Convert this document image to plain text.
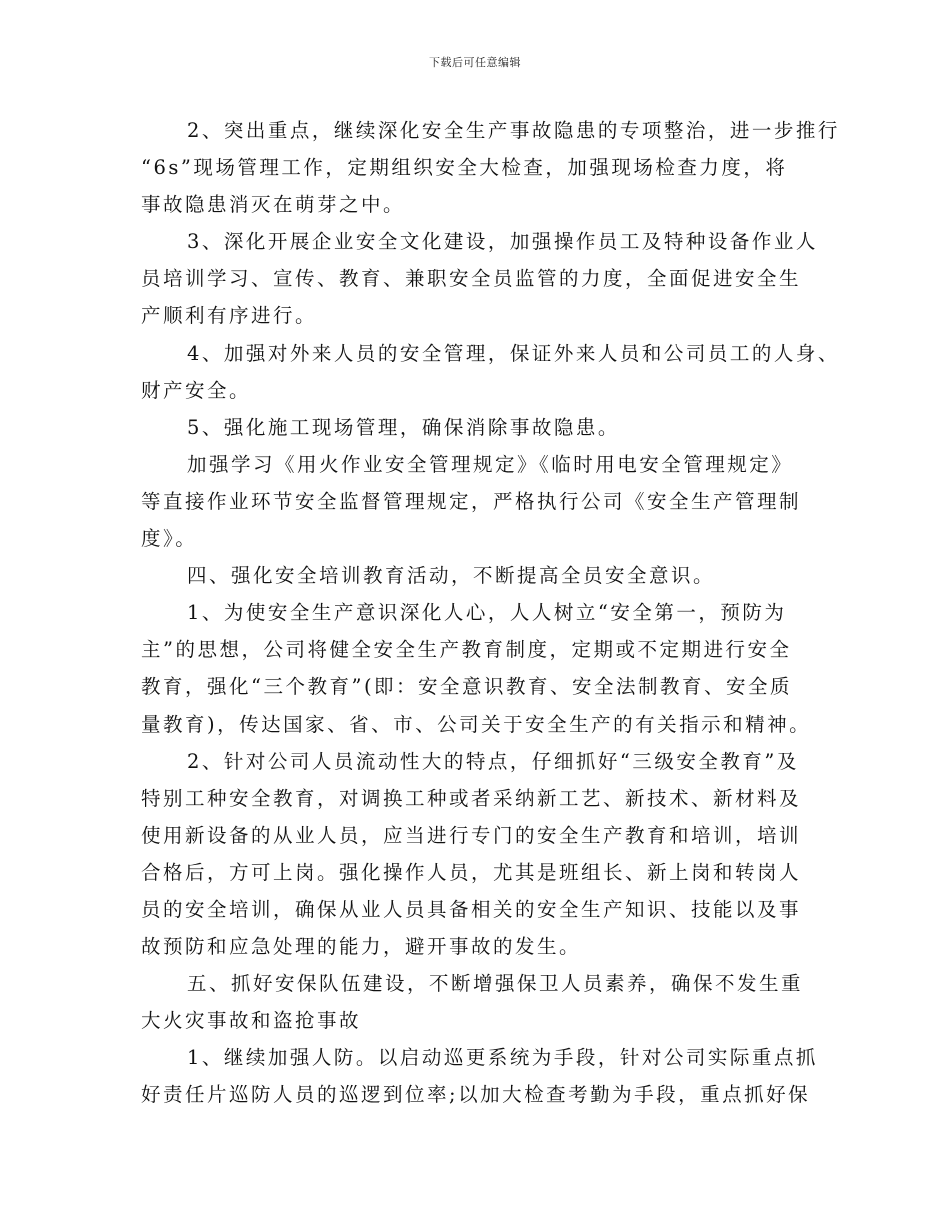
下载后可任意编辑
2、突出重点，继续深化安全生产事故隐患的专项整治，进一步推行
“6s”现场管理工作，定期组织安全大检查，加强现场检查力度，将
事故隐患消灭在萌芽之中。
3、深化开展企业安全文化建设，加强操作员工及特种设备作业人
员培训学习、宣传、教育、兼职安全员监管的力度，全面促进安全生
产顺利有序进行。
4、加强对外来人员的安全管理，保证外来人员和公司员工的人身、
财产安全。
5、强化施工现场管理，确保消除事故隐患。
加强学习《用火作业安全管理规定》《临时用电安全管理规定》
等直接作业环节安全监督管理规定，严格执行公司《安全生产管理制
度》。
四、强化安全培训教育活动，不断提高全员安全意识。
1、为使安全生产意识深化人心，人人树立“安全第一，预防为
主”的思想，公司将健全安全生产教育制度，定期或不定期进行安全
教育，强化“三个教育”(即：安全意识教育、安全法制教育、安全质
量教育)，传达国家、省、市、公司关于安全生产的有关指示和精神。
2、针对公司人员流动性大的特点，仔细抓好“三级安全教育”及
特别工种安全教育，对调换工种或者采纳新工艺、新技术、新材料及
使用新设备的从业人员，应当进行专门的安全生产教育和培训，培训
合格后，方可上岗。强化操作人员，尤其是班组长、新上岗和转岗人
员的安全培训，确保从业人员具备相关的安全生产知识、技能以及事
故预防和应急处理的能力，避开事故的发生。
五、抓好安保队伍建设，不断增强保卫人员素养，确保不发生重
大火灾事故和盗抢事故
1、继续加强人防。以启动巡更系统为手段，针对公司实际重点抓
好责任片巡防人员的巡逻到位率;以加大检查考勤为手段，重点抓好保
